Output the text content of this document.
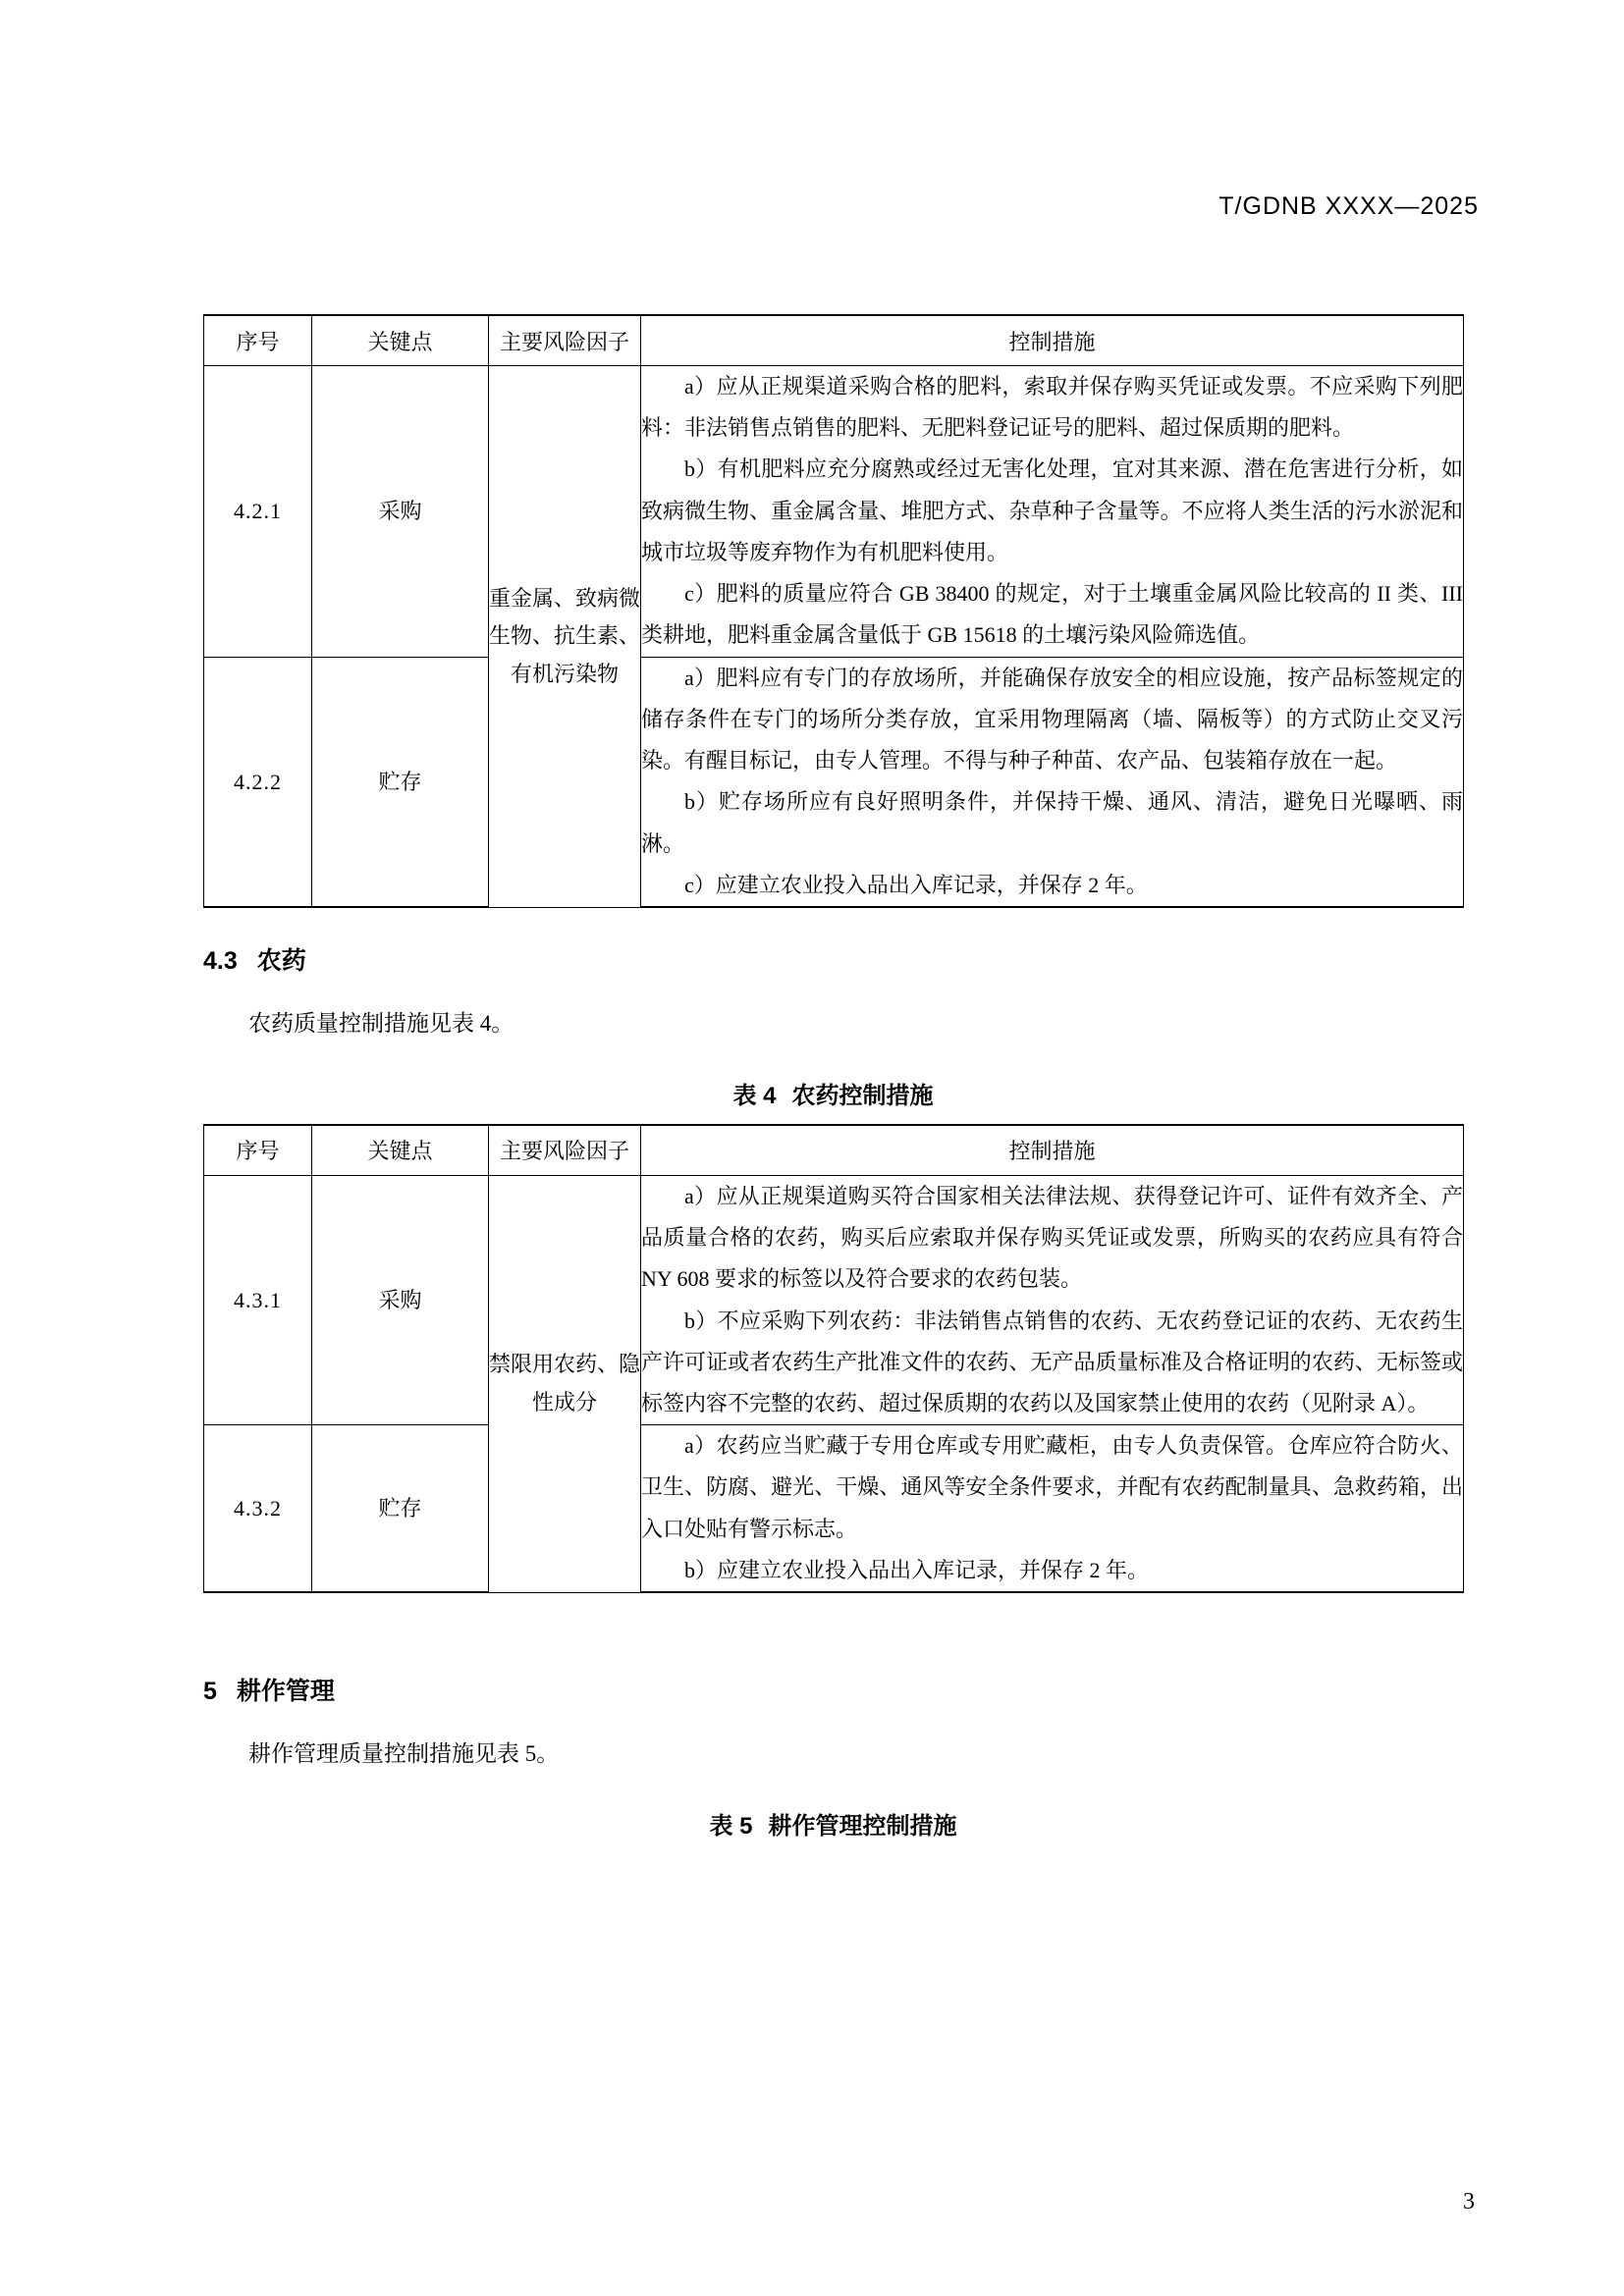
T/GDNB XXXX—2025
序号	关键点	主要风险因子	控制措施
4.2.1	采购	重金属、致病微生物、抗生素、有机污染物	a）应从正规渠道采购合格的肥料，索取并保存购买凭证或发票。不应采购下列肥料：非法销售点销售的肥料、无肥料登记证号的肥料、超过保质期的肥料。

b）有机肥料应充分腐熟或经过无害化处理，宜对其来源、潜在危害进行分析，如致病微生物、重金属含量、堆肥方式、杂草种子含量等。不应将人类生活的污水淤泥和城市垃圾等废弃物作为有机肥料使用。

c）肥料的质量应符合 GB 38400 的规定，对于土壤重金属风险比较高的 II 类、III 类耕地，肥料重金属含量低于 GB 15618 的土壤污染风险筛选值。

4.2.2	贮存		a）肥料应有专门的存放场所，并能确保存放安全的相应设施，按产品标签规定的储存条件在专门的场所分类存放，宜采用物理隔离（墙、隔板等）的方式防止交叉污染。有醒目标记，由专人管理。不得与种子种苗、农产品、包装箱存放在一起。

b）贮存场所应有良好照明条件，并保持干燥、通风、清洁，避免日光曝晒、雨淋。

c）应建立农业投入品出入库记录，并保存 2 年。

4.3 农药

农药质量控制措施见表 4。

表 4 农药控制措施
序号	关键点	主要风险因子	控制措施
4.3.1	采购	禁限用农药、隐性成分	a）应从正规渠道购买符合国家相关法律法规、获得登记许可、证件有效齐全、产品质量合格的农药，购买后应索取并保存购买凭证或发票，所购买的农药应具有符合 NY 608 要求的标签以及符合要求的农药包装。

b）不应采购下列农药：非法销售点销售的农药、无农药登记证的农药、无农药生产许可证或者农药生产批准文件的农药、无产品质量标准及合格证明的农药、无标签或标签内容不完整的农药、超过保质期的农药以及国家禁止使用的农药（见附录 A）。

4.3.2	贮存		a）农药应当贮藏于专用仓库或专用贮藏柜，由专人负责保管。仓库应符合防火、卫生、防腐、避光、干燥、通风等安全条件要求，并配有农药配制量具、急救药箱，出入口处贴有警示标志。

b）应建立农业投入品出入库记录，并保存 2 年。

5 耕作管理

耕作管理质量控制措施见表 5。

表 5 耕作管理控制措施
3
